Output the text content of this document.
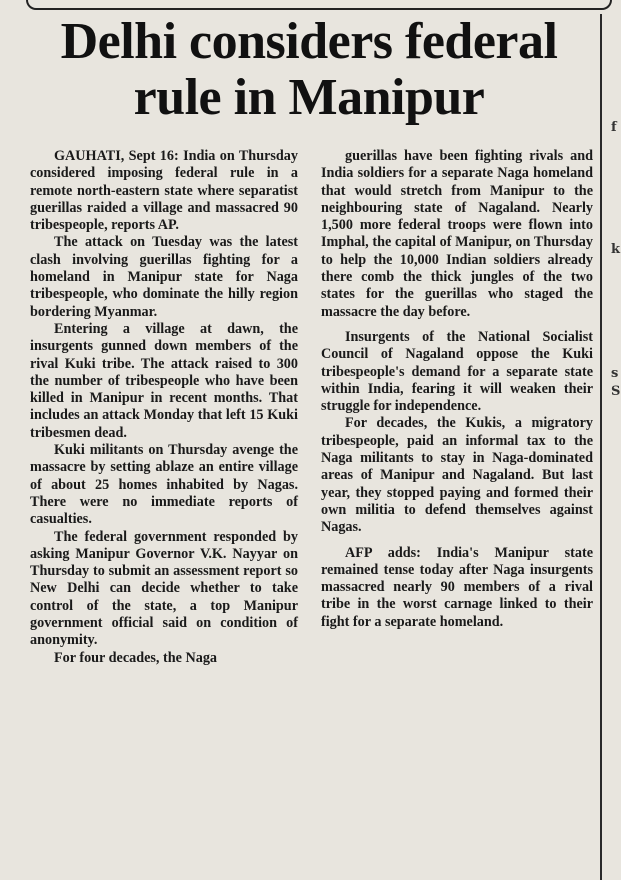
f
k
s
S
Delhi considers federal
rule in Manipur

GAUHATI, Sept 16: India on Thursday considered imposing federal rule in a remote north-eastern state where separatist guerillas raided a village and massacred 90 tribespeople, reports AP.

The attack on Tuesday was the latest clash involving guerillas fighting for a homeland in Manipur state for Naga tribespeople, who dominate the hilly region bordering Myanmar.

Entering a village at dawn, the insurgents gunned down members of the rival Kuki tribe. The attack raised to 300 the number of tribespeople who have been killed in Manipur in recent months. That includes an attack Monday that left 15 Kuki tribesmen dead.

Kuki militants on Thursday avenge the massacre by setting ablaze an entire village of about 25 homes inhabited by Nagas. There were no immediate reports of casualties.

The federal government responded by asking Manipur Governor V.K. Nayyar on Thursday to submit an assessment report so New Delhi can decide whether to take control of the state, a top Manipur government official said on condition of anonymity.

For four decades, the Naga

guerillas have been fighting rivals and India soldiers for a separate Naga homeland that would stretch from Manipur to the neighbouring state of Nagaland. Nearly 1,500 more federal troops were flown into Imphal, the capital of Manipur, on Thursday to help the 10,000 Indian soldiers already there comb the thick jungles of the two states for the guerillas who staged the massacre the day before.

Insurgents of the National Socialist Council of Nagaland oppose the Kuki tribespeople's demand for a separate state within India, fearing it will weaken their struggle for independence.

For decades, the Kukis, a migratory tribespeople, paid an informal tax to the Naga militants to stay in Naga-dominated areas of Manipur and Nagaland. But last year, they stopped paying and formed their own militia to defend themselves against Nagas.

AFP adds: India's Manipur state remained tense today after Naga insurgents massacred nearly 90 members of a rival tribe in the worst carnage linked to their fight for a separate homeland.
